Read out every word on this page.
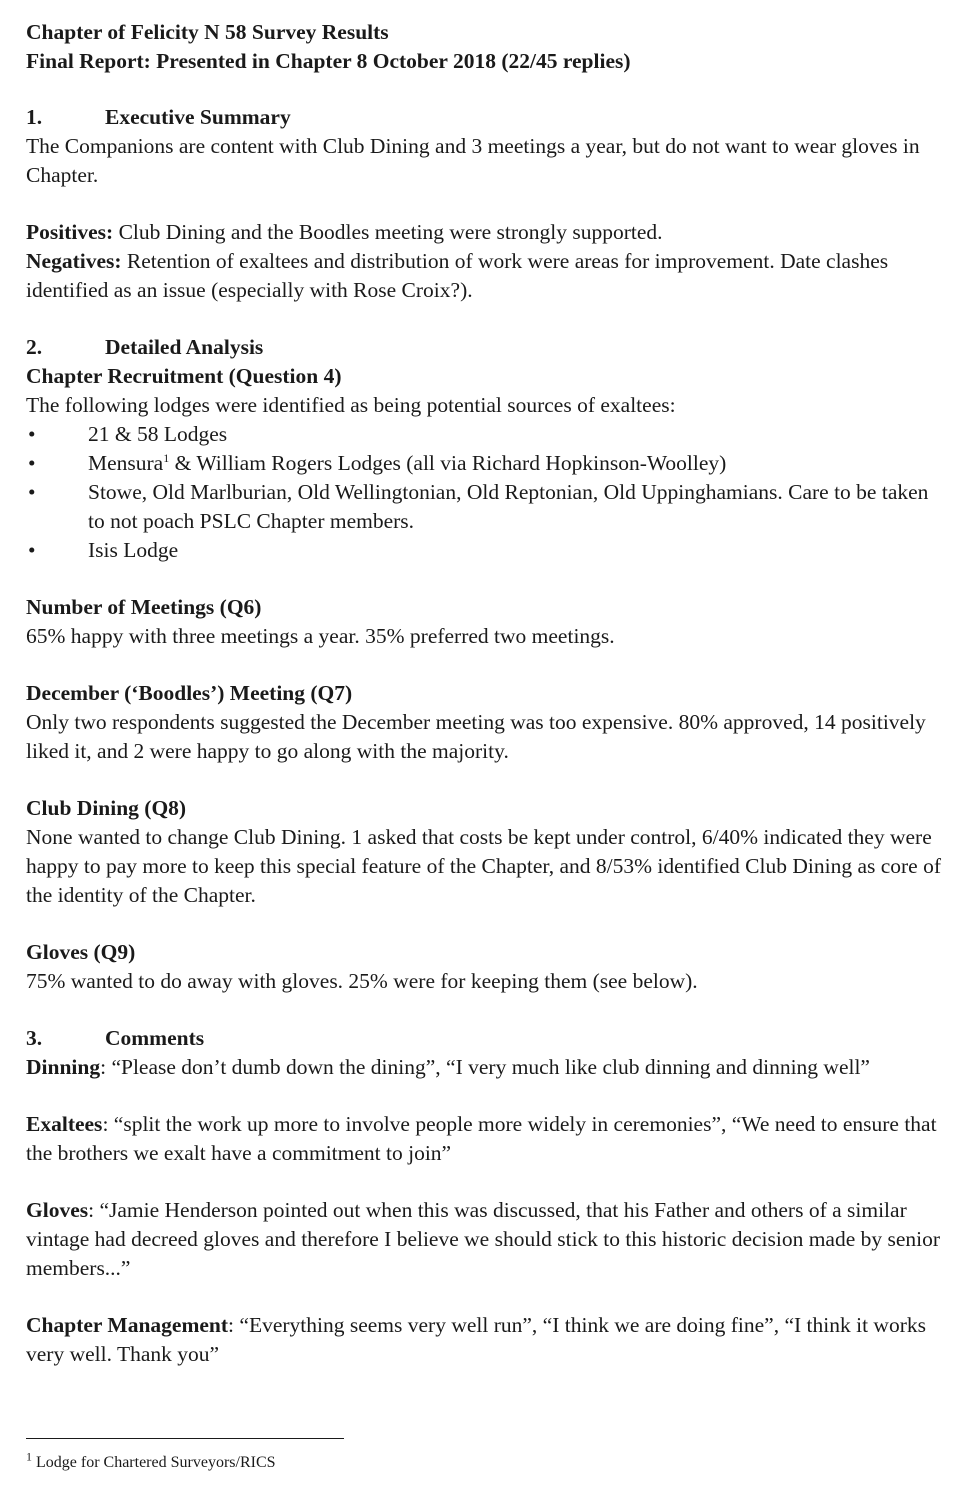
Chapter of Felicity N 58 Survey Results

Final Report: Presented in Chapter 8 October 2018 (22/45 replies)

1.	Executive Summary

The Companions are content with Club Dining and 3 meetings a year, but do not want to wear gloves in Chapter.

Positives: Club Dining and the Boodles meeting were strongly supported.

Negatives: Retention of exaltees and distribution of work were areas for improvement. Date clashes identified as an issue (especially with Rose Croix?).

2.	Detailed Analysis

Chapter Recruitment (Question 4)

The following lodges were identified as being potential sources of exaltees:

•	21 & 58 Lodges
•	Mensura$^1$ & William Rogers Lodges (all via Richard Hopkinson-Woolley)
•	Stowe, Old Marlburian, Old Wellingtonian, Old Reptonian, Old Uppinghamians. Care to be taken to not poach PSLC Chapter members.
•	Isis Lodge

Number of Meetings (Q6)

65% happy with three meetings a year. 35% preferred two meetings.

December (‘Boodles’) Meeting (Q7)

Only two respondents suggested the December meeting was too expensive. 80% approved, 14 positively liked it, and 2 were happy to go along with the majority.

Club Dining (Q8)

None wanted to change Club Dining. 1 asked that costs be kept under control, 6/40% indicated they were happy to pay more to keep this special feature of the Chapter, and 8/53% identified Club Dining as core of the identity of the Chapter.

Gloves (Q9)

75% wanted to do away with gloves. 25% were for keeping them (see below).

3.	Comments

Dinning: “Please don’t dumb down the dining”, “I very much like club dinning and dinning well”

Exaltees: “split the work up more to involve people more widely in ceremonies”, “We need to ensure that the brothers we exalt have a commitment to join”

Gloves: “Jamie Henderson pointed out when this was discussed, that his Father and others of a similar vintage had decreed gloves and therefore I believe we should stick to this historic decision made by senior members...”

Chapter Management: “Everything seems very well run”, “I think we are doing fine”, “I think it works very well. Thank you”

$^1$ Lodge for Chartered Surveyors/RICS
